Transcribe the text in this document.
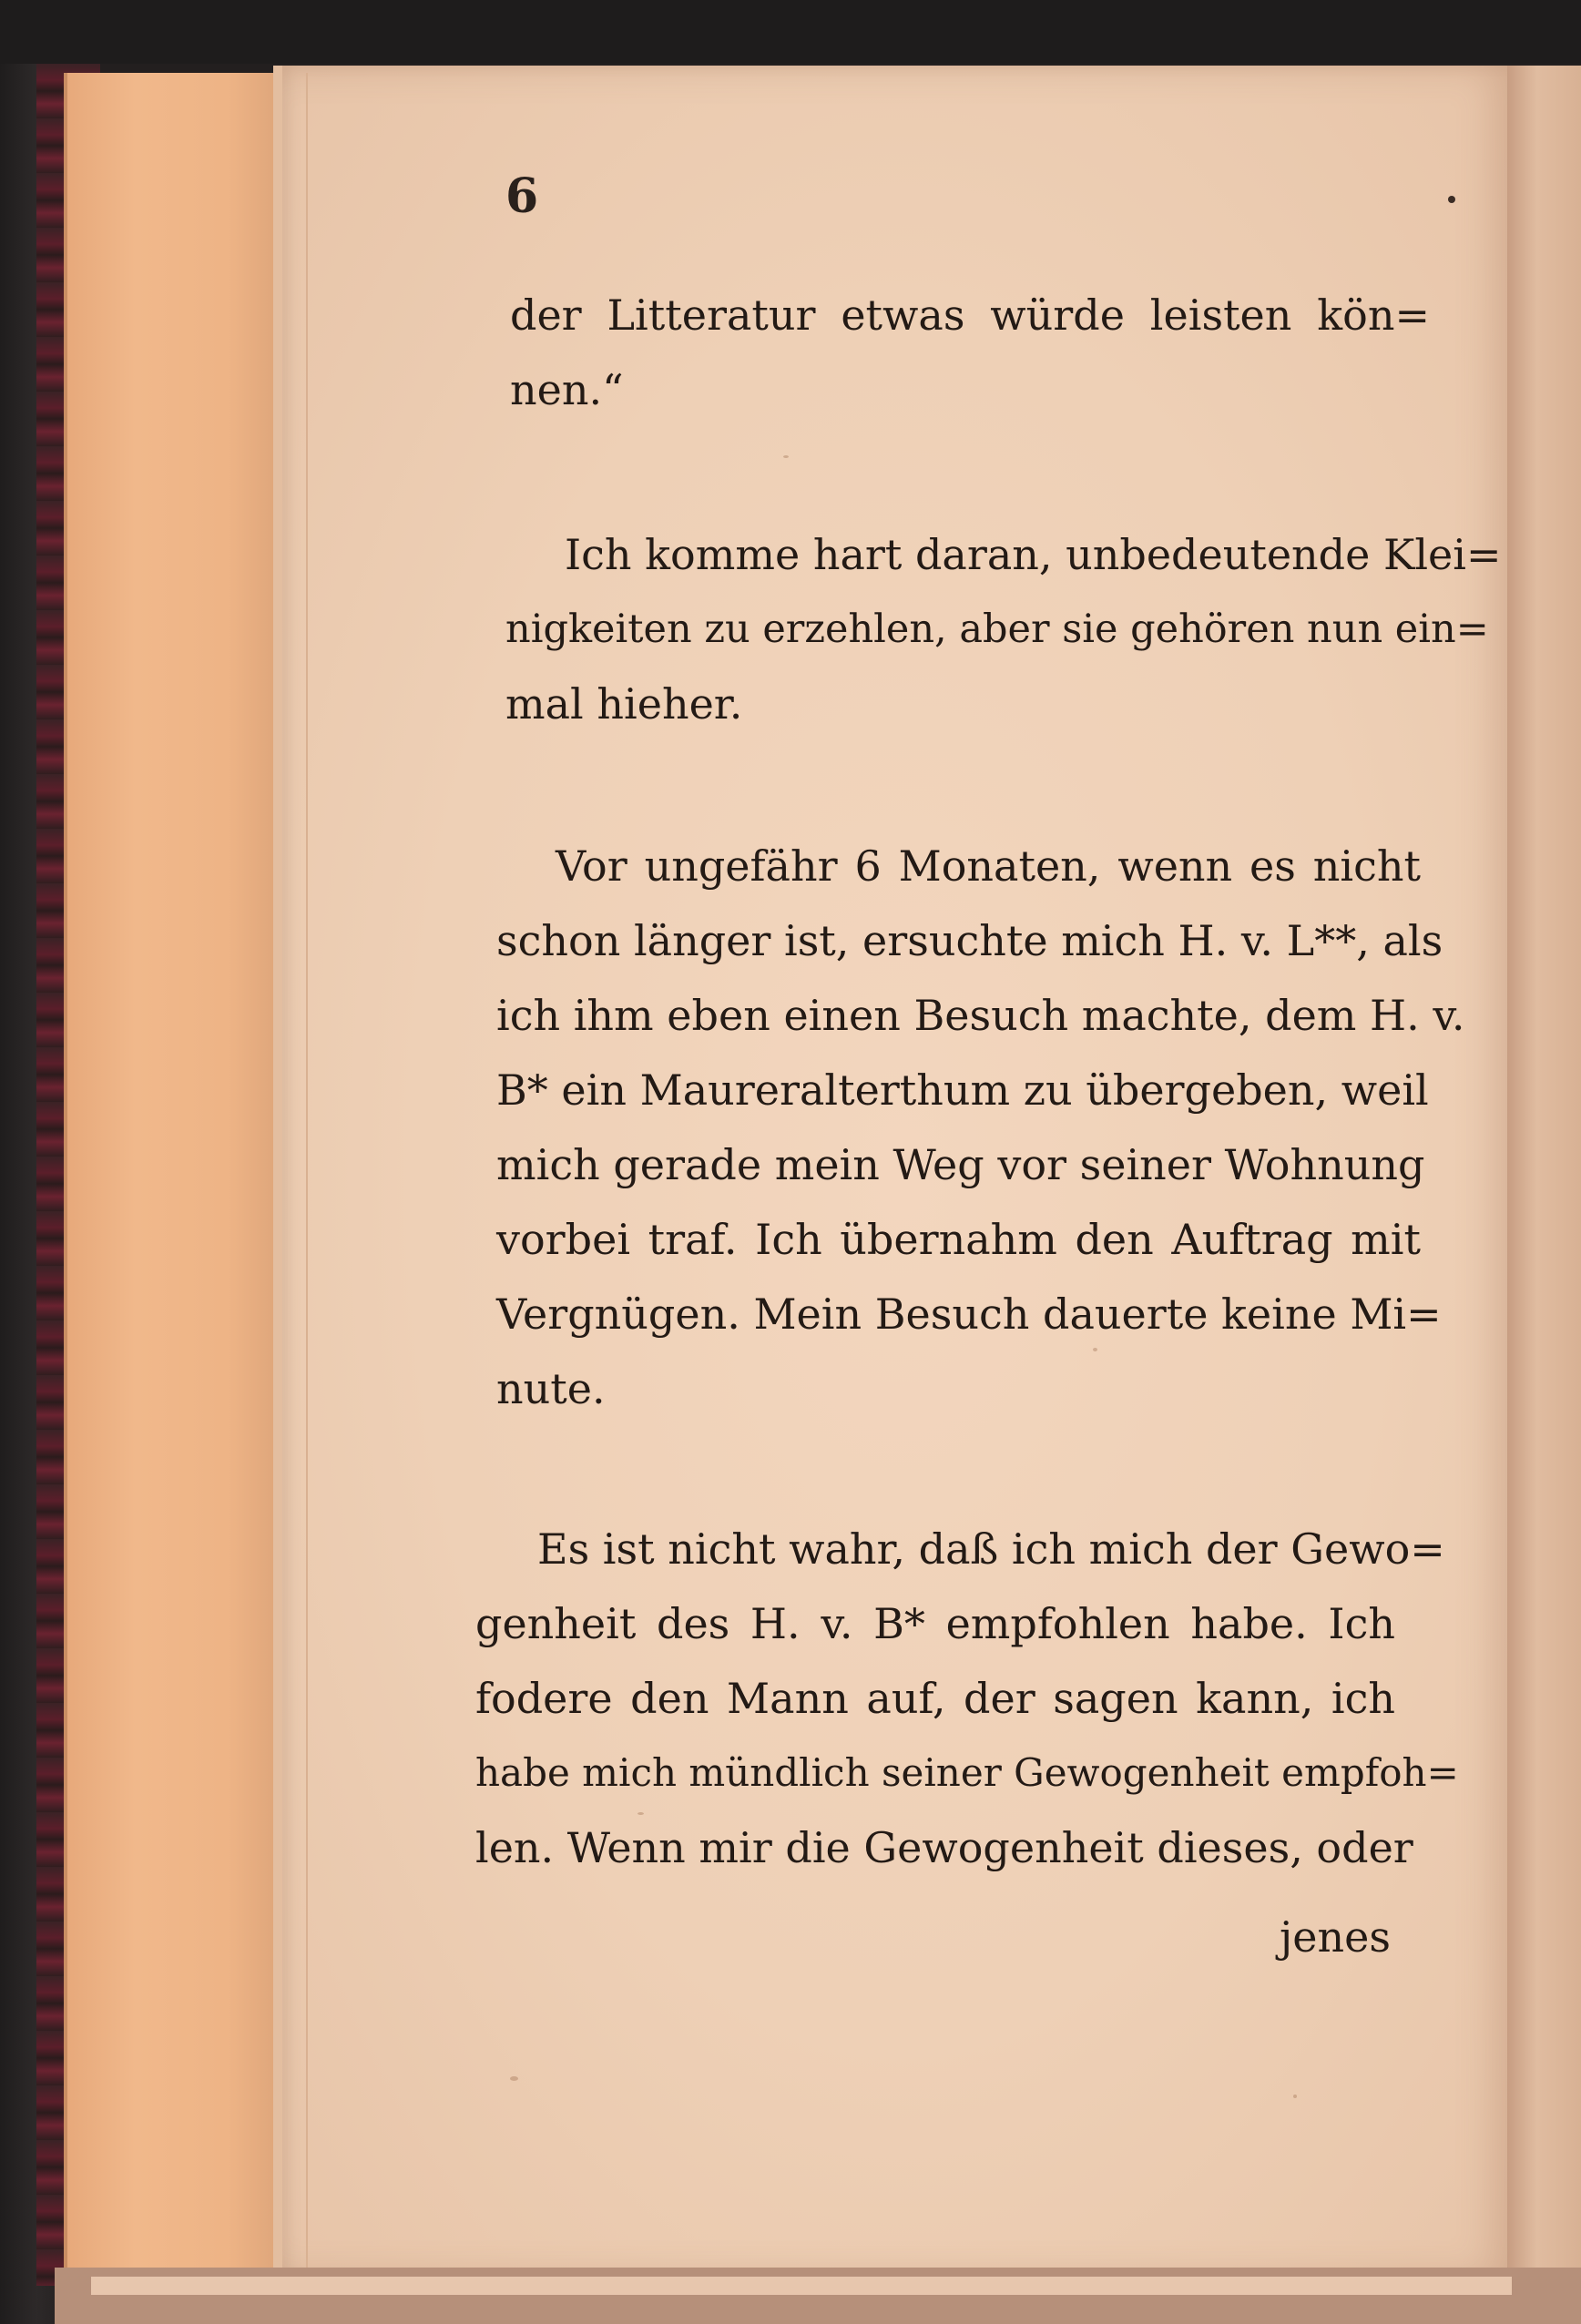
6
der Litteratur etwas würde leisten kön=
nen.“
Ich komme hart daran, unbedeutende Klei=
nigkeiten zu erzehlen, aber sie gehören nun ein=
mal hieher.
Vor ungefähr 6 Monaten, wenn es nicht
schon länger ist, ersuchte mich H. v. L**, als
ich ihm eben einen Besuch machte, dem H. v.
B* ein Maureralterthum zu übergeben, weil
mich gerade mein Weg vor seiner Wohnung
vorbei traf. Ich übernahm den Auftrag mit
Vergnügen. Mein Besuch dauerte keine Mi=
nute.
Es ist nicht wahr, daß ich mich der Gewo=
genheit des H. v. B* empfohlen habe. Ich
fodere den Mann auf, der sagen kann, ich
habe mich mündlich seiner Gewogenheit empfoh=
len. Wenn mir die Gewogenheit dieses, oder
jenes
